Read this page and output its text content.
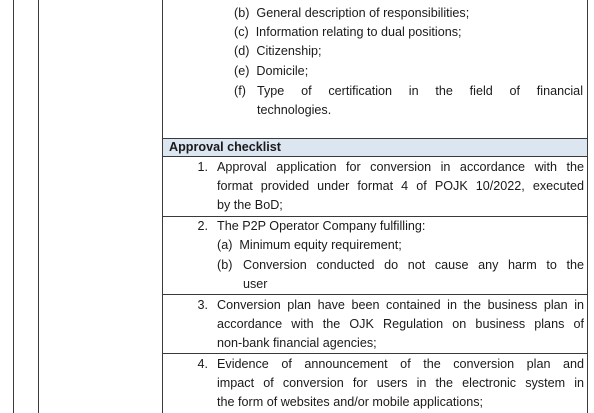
(b) General description of responsibilities;
(c) Information relating to dual positions;
(d) Citizenship;
(e) Domicile;
(f) Type of certification in the field of financial
technologies.
Approval checklist
1. Approval application for conversion in accordance with the
format provided under format 4 of POJK 10/2022, executed
by the BoD;
2. The P2P Operator Company fulfilling:
(a) Minimum equity requirement;
(b) Conversion conducted do not cause any harm to the
user
3. Conversion plan have been contained in the business plan in
accordance with the OJK Regulation on business plans of
non-bank financial agencies;
4. Evidence of announcement of the conversion plan and
impact of conversion for users in the electronic system in
the form of websites and/or mobile applications;
